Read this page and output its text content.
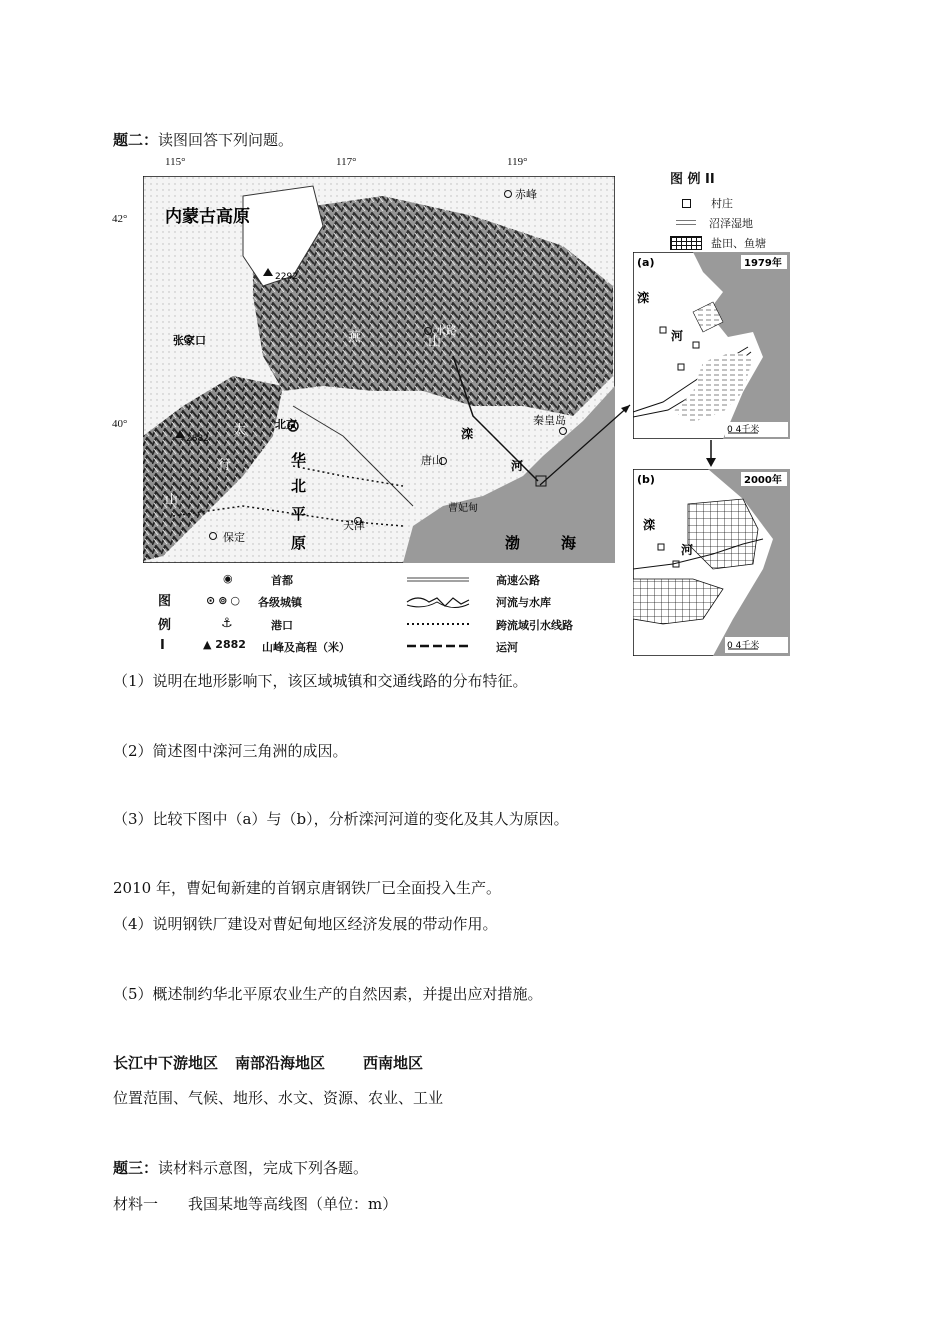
题二：读图回答下列问题。
115°	117°	119°
42°
40°
内蒙古高原
赤峰
张家口
2292
2882
水路
燕	山
北京
太
行
山
华
北
平
原
秦皇岛
滦
河
唐山
曹妃甸
天津
保定	渤	海
图 例 II
村庄
沼泽湿地
盐田、鱼塘
(a)	1979年
滦
河
0 4千米
(b)	2000年
滦
河
0 4千米
图
例
I
◉	首都
⊙⊚○ 各级城镇
⚓	港口
▲ 2882 山峰及高程（米）
高速公路
河流与水库
跨流域引水线路
运河
（1）说明在地形影响下，该区域城镇和交通线路的分布特征。
（2）简述图中滦河三角洲的成因。
（3）比较下图中（a）与（b），分析滦河河道的变化及其人为原因。
2010 年，曹妃甸新建的首钢京唐钢铁厂已全面投入生产。
（4）说明钢铁厂建设对曹妃甸地区经济发展的带动作用。
（5）概述制约华北平原农业生产的自然因素，并提出应对措施。
长江中下游地区 南部沿海地区	西南地区
位置范围、气候、地形、水文、资源、农业、工业
题三：读材料示意图，完成下列各题。
材料一 我国某地等高线图（单位：m）
